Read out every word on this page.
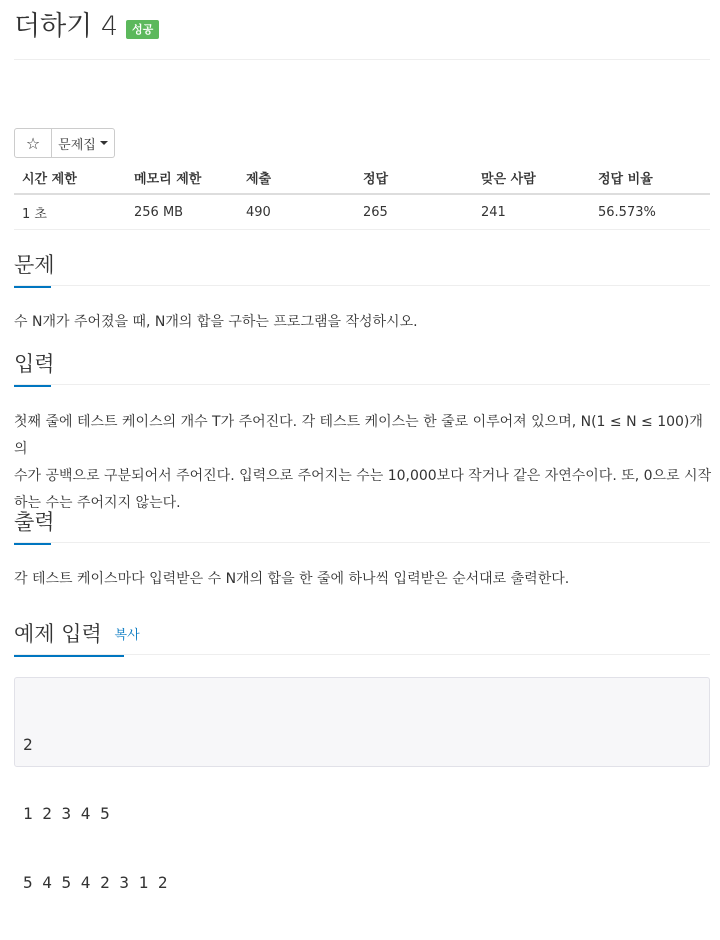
더하기 4	성공
☆ 문제집
시간 제한	메모리 제한	제출	정답	맞은 사람	정답 비율
1 초	256 MB	490	265	241	56.573%
문제
수 N개가 주어졌을 때, N개의 합을 구하는 프로그램을 작성하시오.
입력
첫째 줄에 테스트 케이스의 개수 T가 주어진다. 각 테스트 케이스는 한 줄로 이루어져 있으며, N(1 ≤ N ≤ 100)개의
수가 공백으로 구분되어서 주어진다. 입력으로 주어지는 수는 10,000보다 작거나 같은 자연수이다. 또, 0으로 시작
하는 수는 주어지지 않는다.
출력
각 테스트 케이스마다 입력받은 수 N개의 합을 한 줄에 하나씩 입력받은 순서대로 출력한다.
예제 입력 복사

2

1 2 3 4 5

5 4 5 4 2 3 1 2
